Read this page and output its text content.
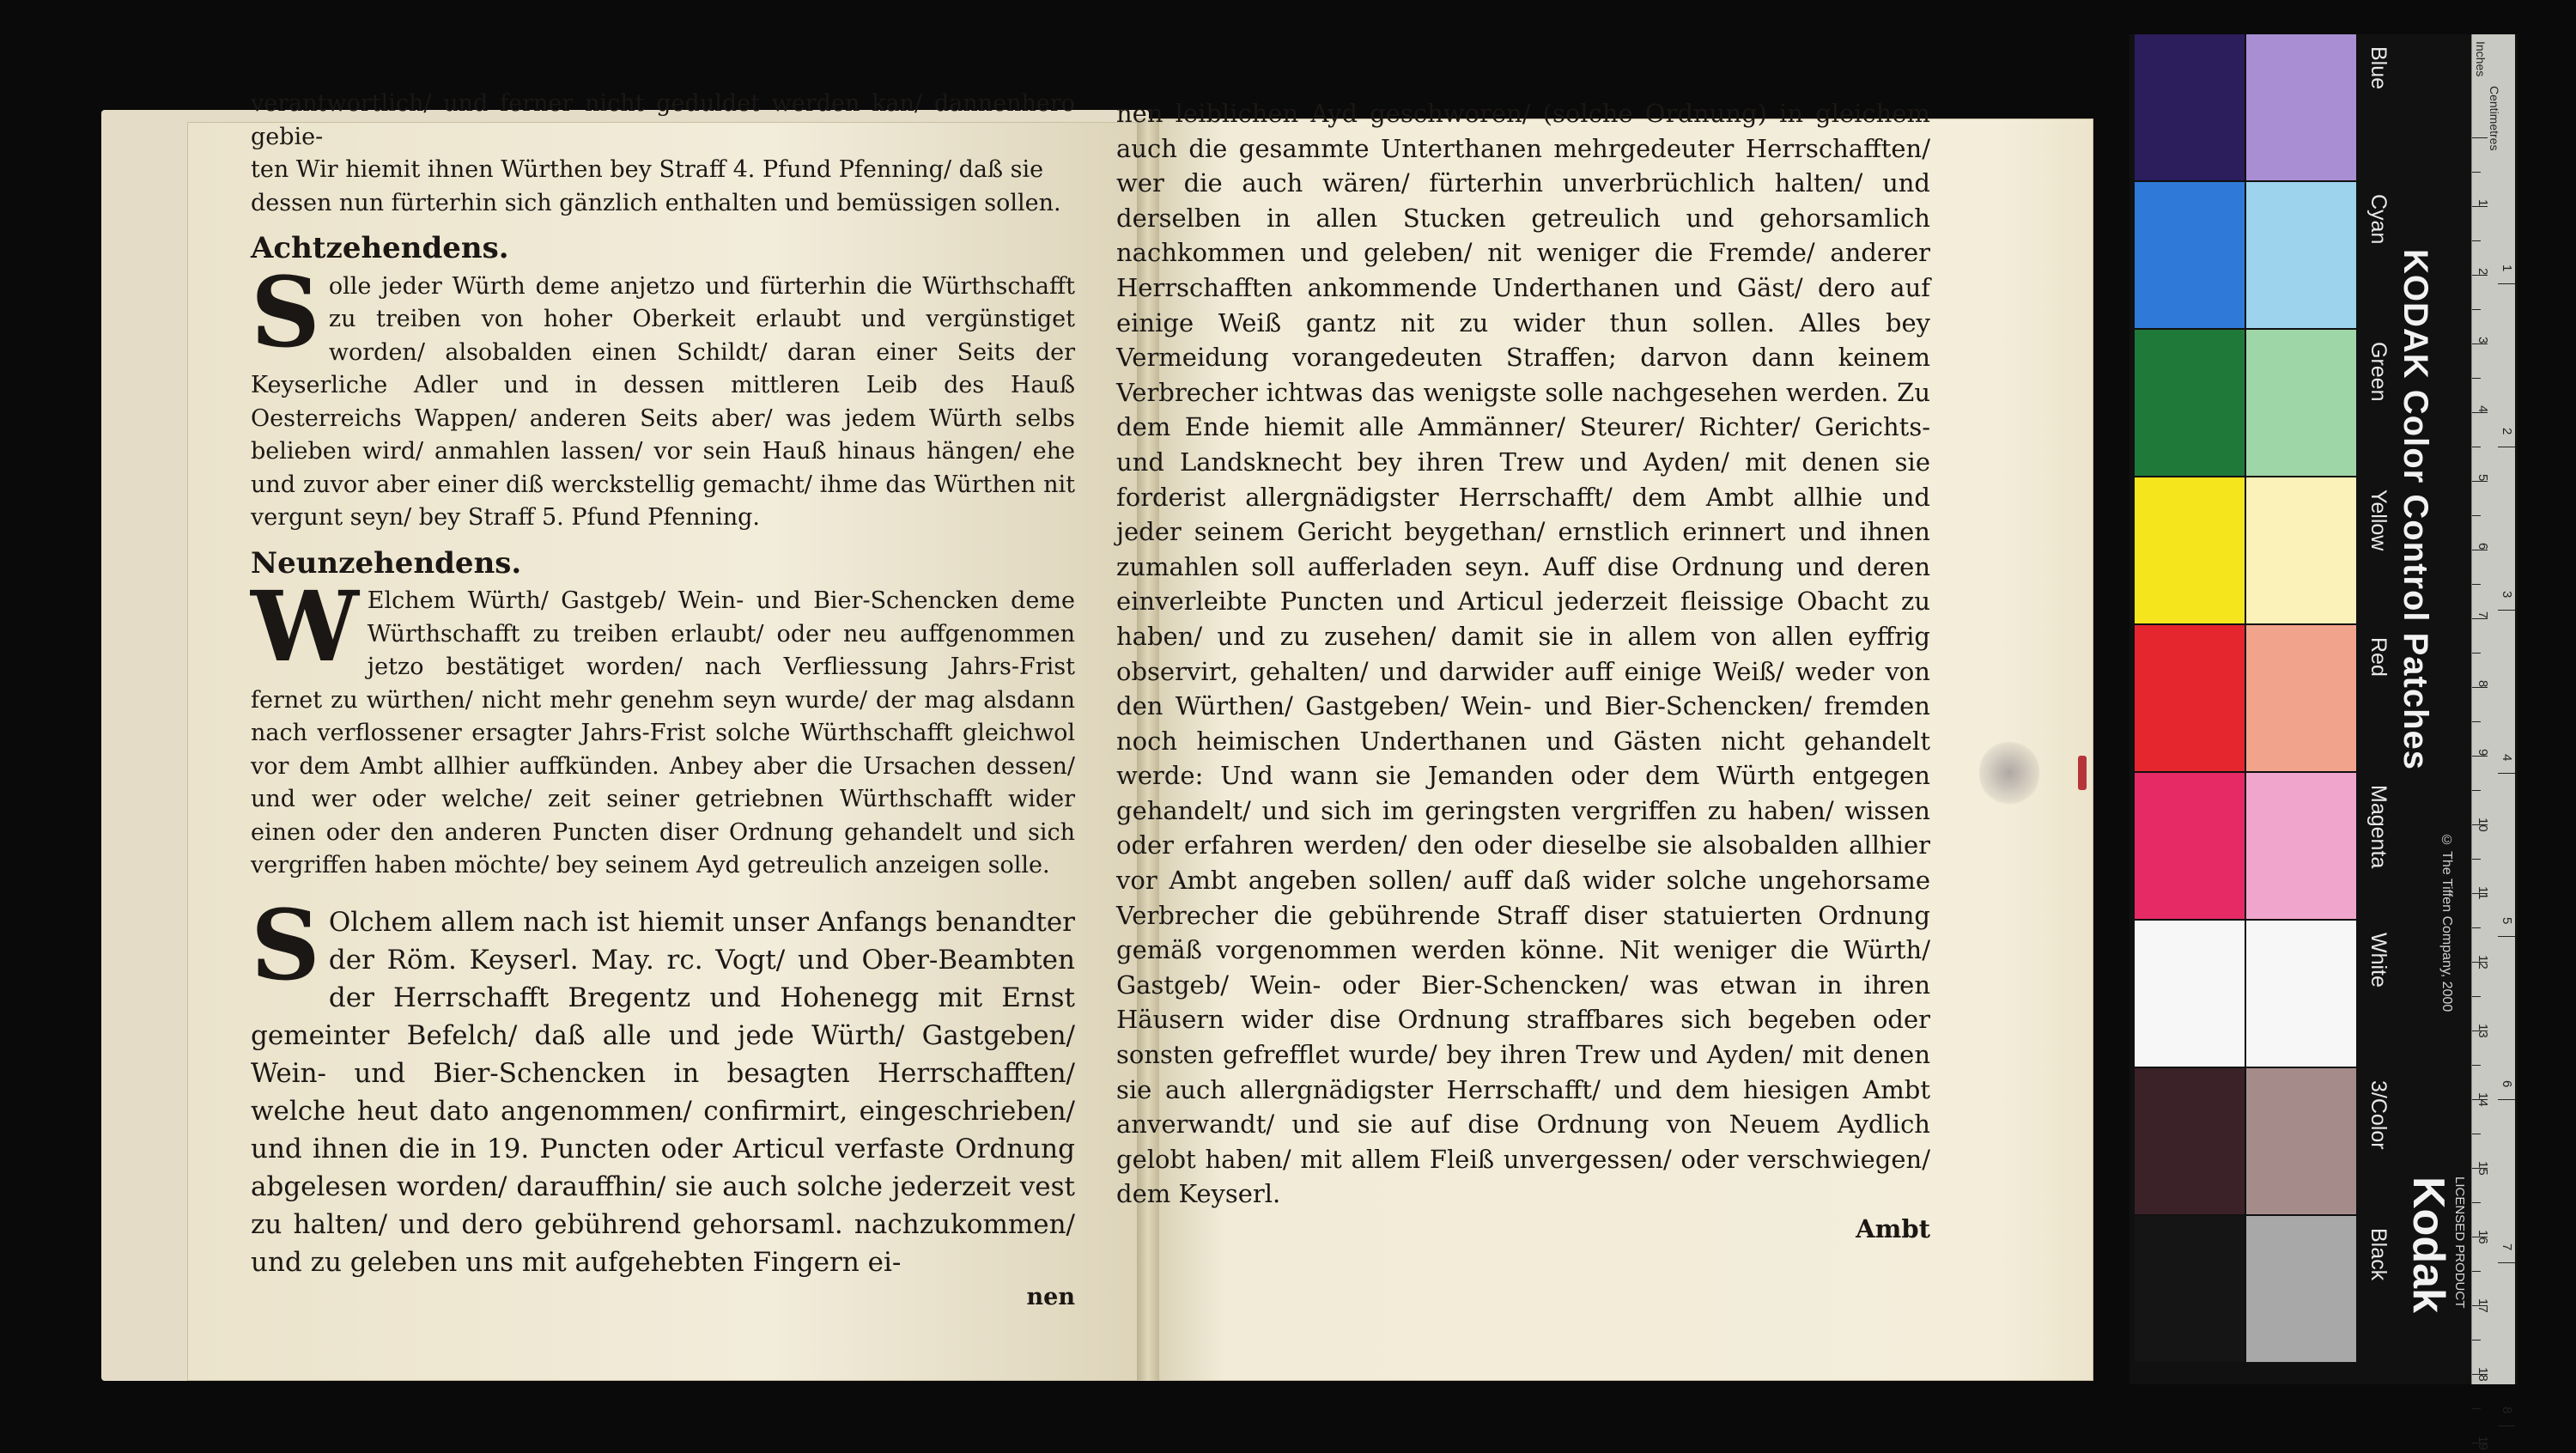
verantwortlich/ und ferner nicht geduldet werden kan/ dannenhero gebie-

ten Wir hiemit ihnen Würthen bey Straff 4. Pfund Pfenning/ daß sie

dessen nun fürterhin sich gänzlich enthalten und bemüssigen sollen.

Achtzehendens.

Solle jeder Würth deme anjetzo und fürterhin die Würthschafft zu treiben von hoher Oberkeit erlaubt und vergünstiget worden/ alsobalden einen Schildt/ daran einer Seits der Keyserliche Adler und in dessen mittleren Leib des Hauß Oesterreichs Wappen/ anderen Seits aber/ was jedem Würth selbs belieben wird/ anmahlen lassen/ vor sein Hauß hinaus hängen/ ehe und zuvor aber einer diß werckstellig gemacht/ ihme das Würthen nit vergunt seyn/ bey Straff 5. Pfund Pfenning.

Neunzehendens.

W Elchem Würth/ Gastgeb/ Wein- und Bier-Schencken deme Würthschafft zu treiben erlaubt/ oder neu auffgenommen jetzo bestätiget worden/ nach Verfliessung Jahrs-Frist fernet zu würthen/ nicht mehr genehm seyn wurde/ der mag alsdann nach verflossener ersagter Jahrs-Frist solche Würthschafft gleichwol vor dem Ambt allhier auffkünden. Anbey aber die Ursachen dessen/ und wer oder welche/ zeit seiner getriebnen Würthschafft wider einen oder den anderen Puncten diser Ordnung gehandelt und sich vergriffen haben möchte/ bey seinem Ayd getreulich anzeigen solle.

S Olchem allem nach ist hiemit unser Anfangs benandter der Röm. Keyserl. May. rc. Vogt/ und Ober-Beambten der Herrschafft Bregentz und Hohenegg mit Ernst gemeinter Befelch/ daß alle und jede Würth/ Gastgeben/ Wein- und Bier-Schencken in besagten Herrschafften/ welche heut dato angenommen/ confirmirt, eingeschrieben/ und ihnen die in 19. Puncten oder Articul verfaste Ordnung abgelesen worden/ darauffhin/ sie auch solche jederzeit vest zu halten/ und dero gebührend gehorsaml. nachzukommen/ und zu geleben uns mit aufgehebten Fingern ei-

nen

nen leiblichen Ayd geschworen/ (solche Ordnung) in gleichem auch die gesammte Unterthanen mehrgedeuter Herrschafften/ wer die auch wären/ fürterhin unverbrüchlich halten/ und derselben in allen Stucken getreulich und gehorsamlich nachkommen und geleben/ nit weniger die Fremde/ anderer Herrschafften ankommende Underthanen und Gäst/ dero auf einige Weiß gantz nit zu wider thun sollen. Alles bey Vermeidung vorangedeuten Straffen; darvon dann keinem Verbrecher ichtwas das wenigste solle nachgesehen werden. Zu dem Ende hiemit alle Ammänner/ Steurer/ Richter/ Gerichts- und Landsknecht bey ihren Trew und Ayden/ mit denen sie forderist allergnädigster Herrschafft/ dem Ambt allhie und jeder seinem Gericht beygethan/ ernstlich erinnert und ihnen zumahlen soll aufferladen seyn. Auff dise Ordnung und deren einverleibte Puncten und Articul jederzeit fleissige Obacht zu haben/ und zu zusehen/ damit sie in allem von allen eyffrig observirt, gehalten/ und darwider auff einige Weiß/ weder von den Würthen/ Gastgeben/ Wein- und Bier-Schencken/ fremden noch heimischen Underthanen und Gästen nicht gehandelt werde: Und wann sie Jemanden oder dem Würth entgegen gehandelt/ und sich im geringsten vergriffen zu haben/ wissen oder erfahren werden/ den oder dieselbe sie alsobalden allhier vor Ambt angeben sollen/ auff daß wider solche ungehorsame Verbrecher die gebührende Straff diser statuierten Ordnung gemäß vorgenommen werden könne. Nit weniger die Würth/ Gastgeb/ Wein- oder Bier-Schencken/ was etwan in ihren Häusern wider dise Ordnung straffbares sich begeben oder sonsten gefrefflet wurde/ bey ihren Trew und Ayden/ mit denen sie auch allergnädigster Herrschafft/ und dem hiesigen Ambt anverwandt/ und sie auf dise Ordnung von Neuem Aydlich gelobt haben/ mit allem Fleiß unvergessen/ oder verschwiegen/ dem Keyserl.

Ambt

KODAK Color Control Patches
© The Tiffen Company, 2000
Kodak LICENSED PRODUCT
Inches
Centimetres
1
2
3
4
5
6
7
8
9
10
11
12
13
14
15
16
17
18
19
1
2
3
4
5
6
7
8
Blue
Cyan
Green
Yellow
Red
Magenta
White
3/Color
Black
